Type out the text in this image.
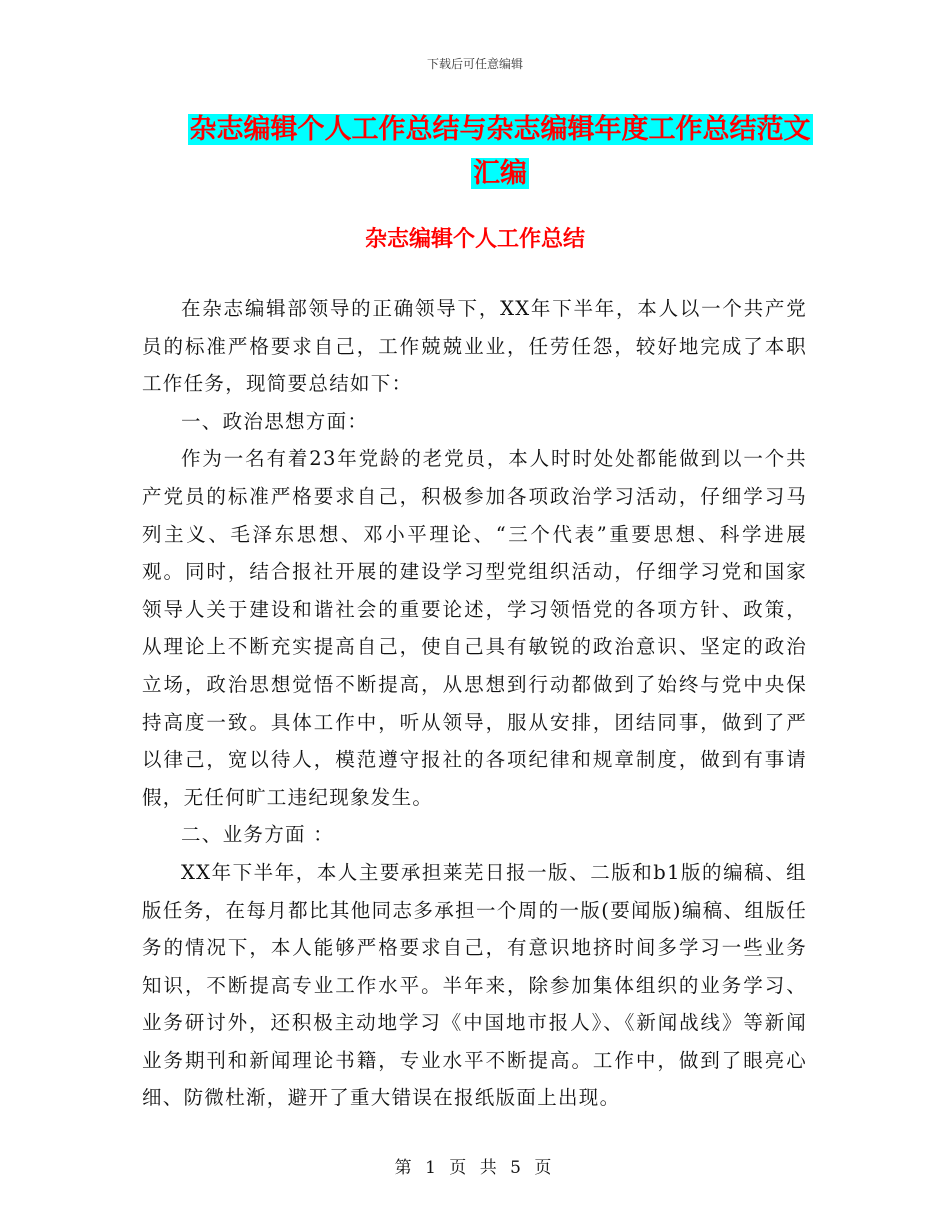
下载后可任意编辑
杂志编辑个人工作总结与杂志编辑年度工作总结范文
汇编
杂志编辑个人工作总结

在杂志编辑部领导的正确领导下，XX年下半年，本人以一个共产党员的标准严格要求自己，工作兢兢业业，任劳任怨，较好地完成了本职工作任务，现简要总结如下：

一、政治思想方面：

作为一名有着23年党龄的老党员，本人时时处处都能做到以一个共产党员的标准严格要求自己，积极参加各项政治学习活动，仔细学习马列主义、毛泽东思想、邓小平理论、“三个代表”重要思想、科学进展观。同时，结合报社开展的建设学习型党组织活动，仔细学习党和国家领导人关于建设和谐社会的重要论述，学习领悟党的各项方针、政策，从理论上不断充实提高自己，使自己具有敏锐的政治意识、坚定的政治立场，政治思想觉悟不断提高，从思想到行动都做到了始终与党中央保持高度一致。具体工作中，听从领导，服从安排，团结同事，做到了严以律己，宽以待人，模范遵守报社的各项纪律和规章制度，做到有事请假，无任何旷工违纪现象发生。

二、业务方面 ：

XX年下半年，本人主要承担莱芜日报一版、二版和b1版的编稿、组版任务，在每月都比其他同志多承担一个周的一版(要闻版)编稿、组版任务的情况下，本人能够严格要求自己，有意识地挤时间多学习一些业务知识，不断提高专业工作水平。半年来，除参加集体组织的业务学习、业务研讨外，还积极主动地学习《中国地市报人》、《新闻战线》等新闻业务期刊和新闻理论书籍，专业水平不断提高。工作中，做到了眼亮心细、防微杜渐，避开了重大错误在报纸版面上出现。

第 1 页 共 5 页
